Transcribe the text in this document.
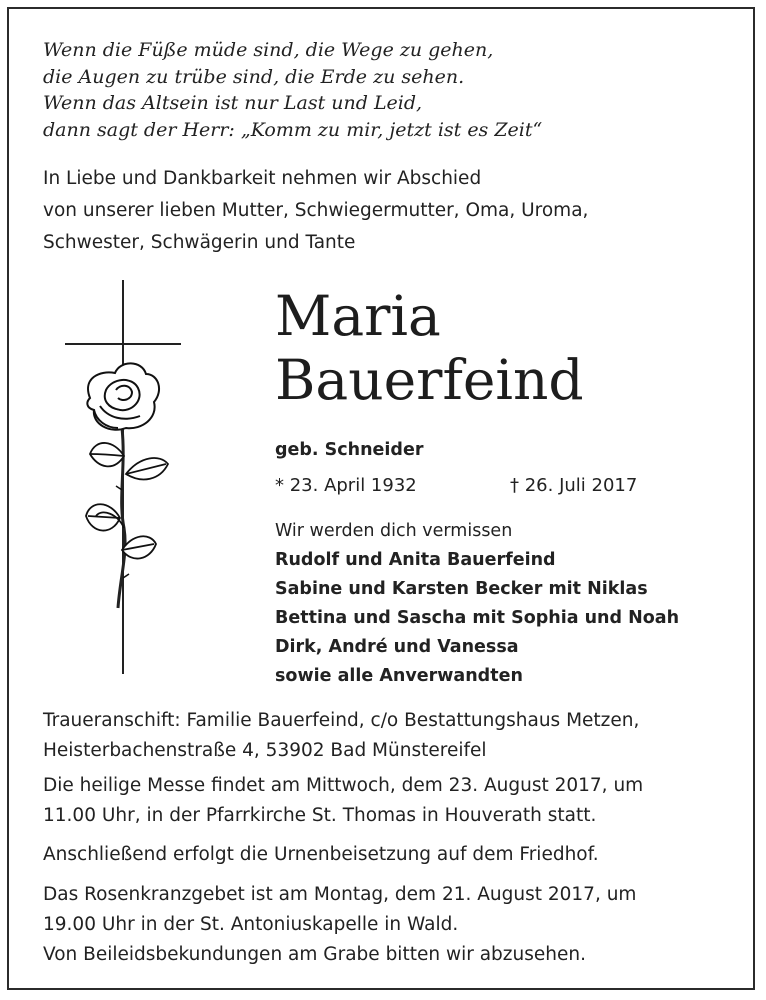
Wenn die Füße müde sind, die Wege zu gehen,
die Augen zu trübe sind, die Erde zu sehen.
Wenn das Altsein ist nur Last und Leid,
dann sagt der Herr: „Komm zu mir, jetzt ist es Zeit“
In Liebe und Dankbarkeit nehmen wir Abschied
von unserer lieben Mutter, Schwiegermutter, Oma, Uroma,
Schwester, Schwägerin und Tante
Maria
Bauerfeind
geb. Schneider
* 23. April 1932	† 26. Juli 2017
Wir werden dich vermissen
Rudolf und Anita Bauerfeind
Sabine und Karsten Becker mit Niklas
Bettina und Sascha mit Sophia und Noah
Dirk, André und Vanessa
sowie alle Anverwandten
Traueranschift: Familie Bauerfeind, c/o Bestattungshaus Metzen,
Heisterbachenstraße 4, 53902 Bad Münstereifel
Die heilige Messe findet am Mittwoch, dem 23. August 2017, um
11.00 Uhr, in der Pfarrkirche St. Thomas in Houverath statt.
Anschließend erfolgt die Urnenbeisetzung auf dem Friedhof.
Das Rosenkranzgebet ist am Montag, dem 21. August 2017, um
19.00 Uhr in der St. Antoniuskapelle in Wald.
Von Beileidsbekundungen am Grabe bitten wir abzusehen.
